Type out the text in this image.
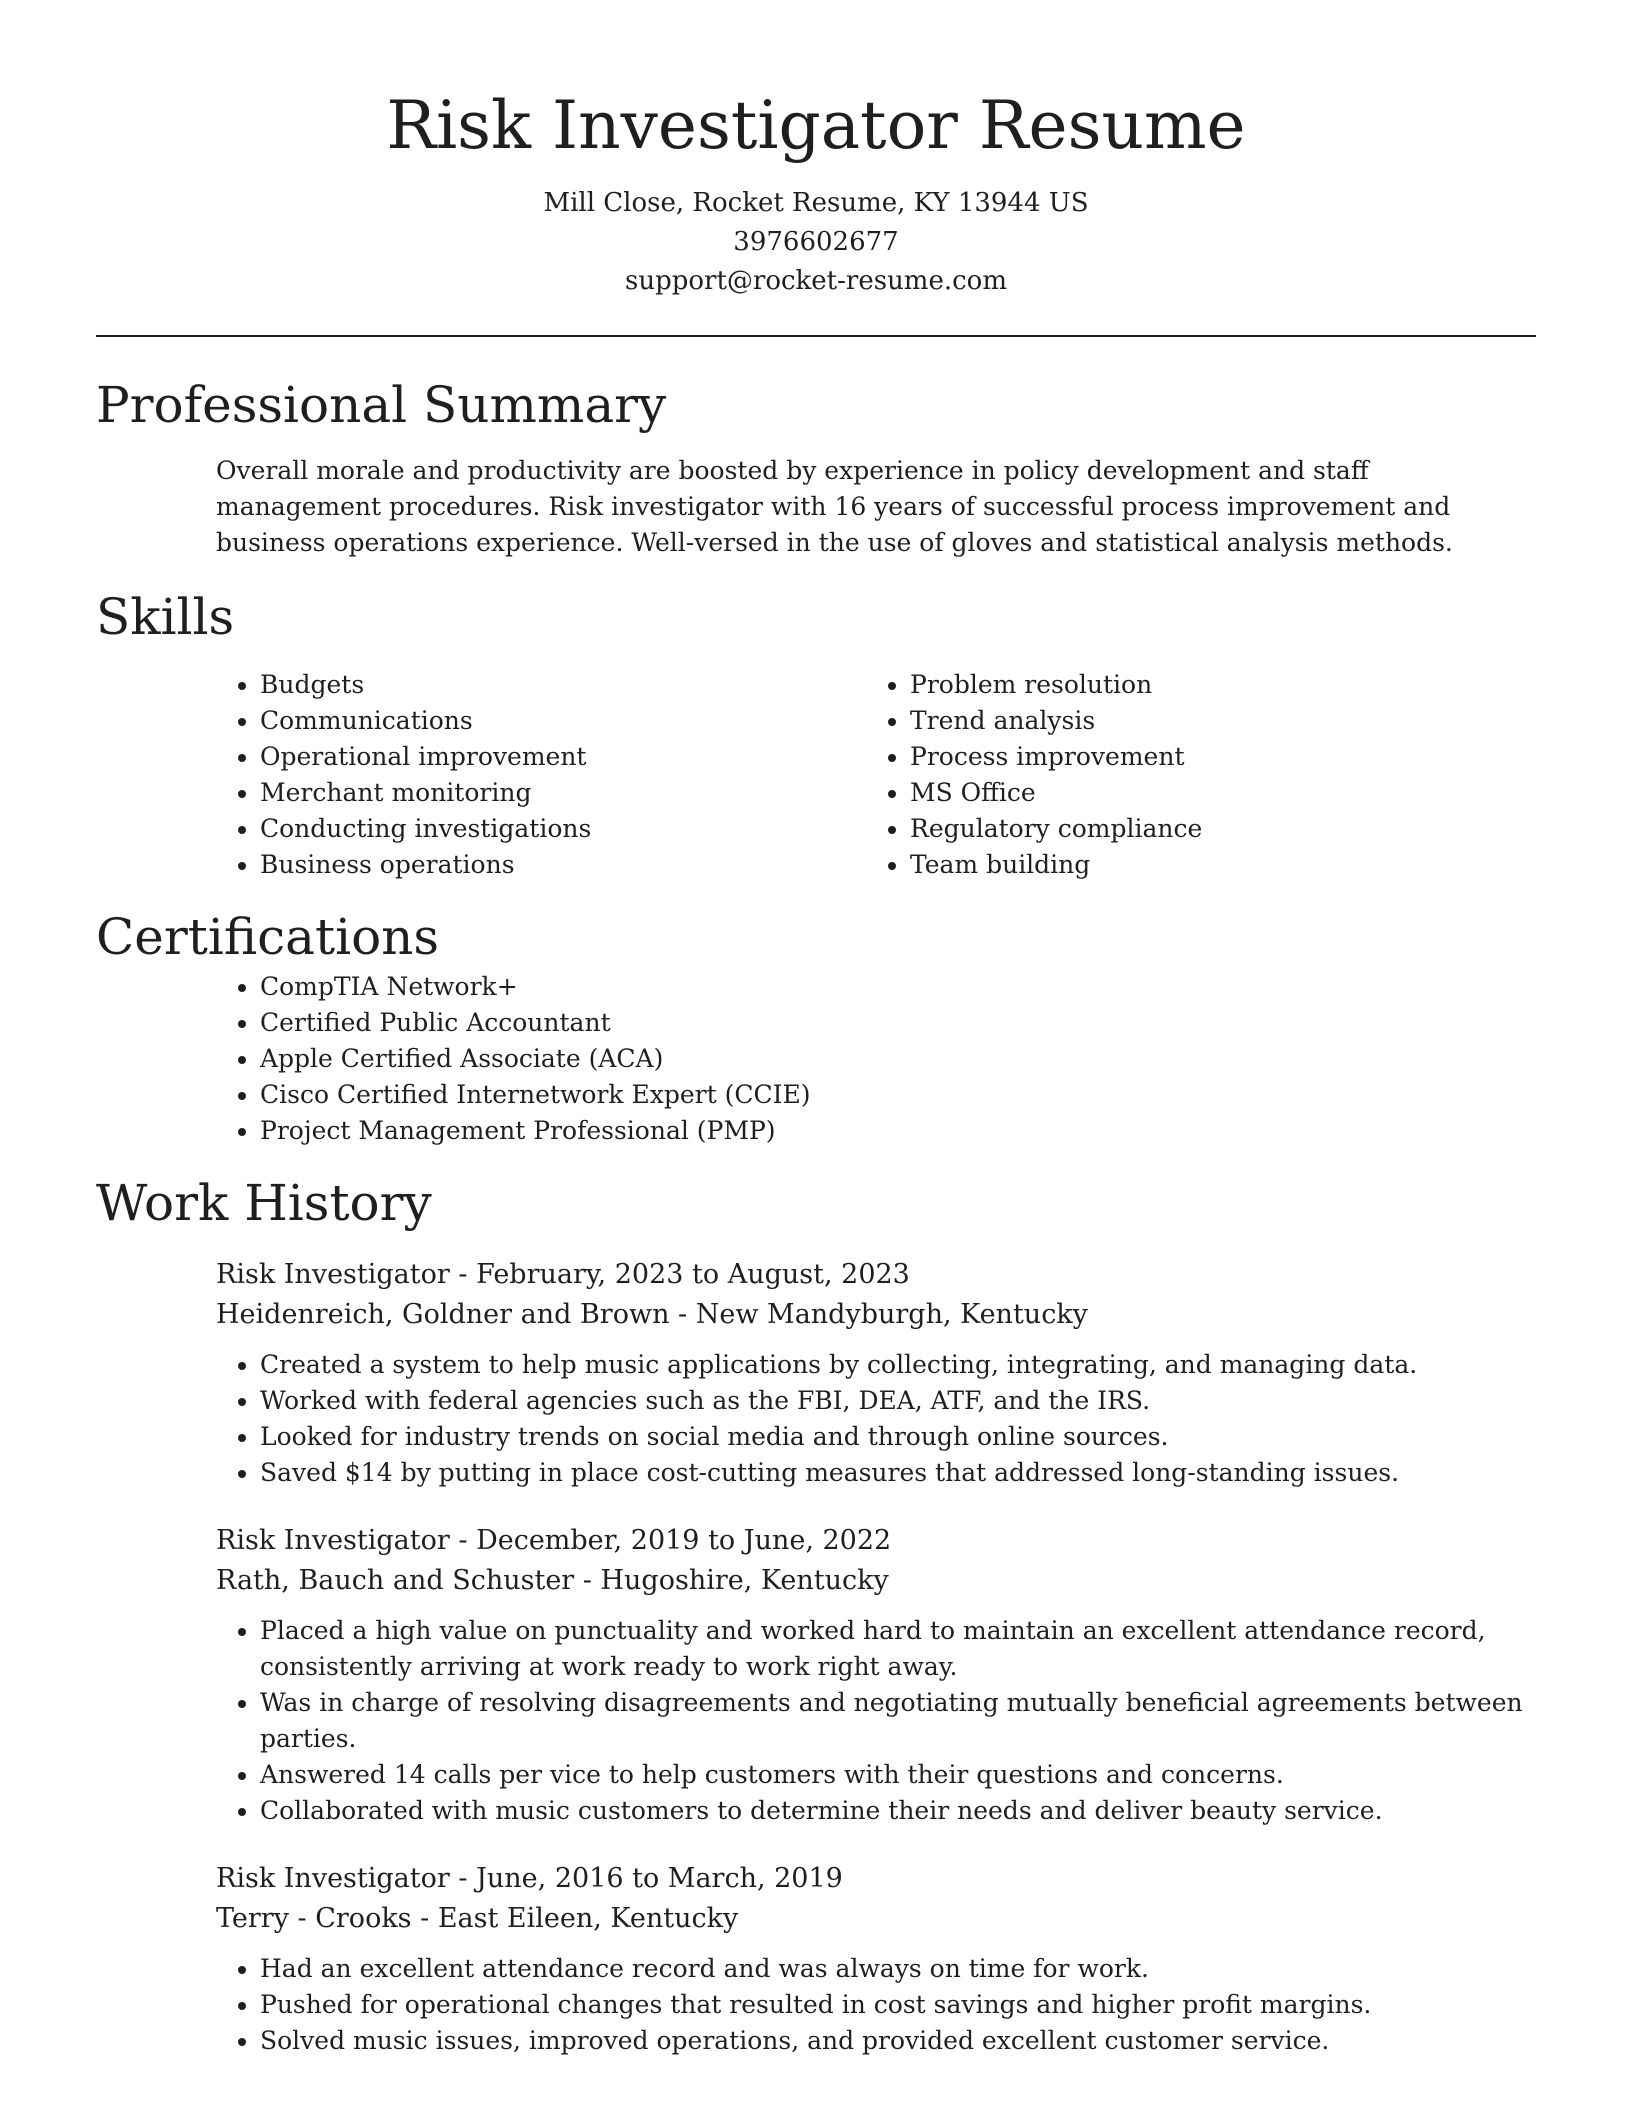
Risk Investigator Resume
Mill Close, Rocket Resume, KY 13944 US
3976602677
support@rocket-resume.com
Professional Summary

Overall morale and productivity are boosted by experience in policy development and staff management procedures. Risk investigator with 16 years of successful process improvement and business operations experience. Well-versed in the use of gloves and statistical analysis methods.

Skills
• Budgets
• Communications
• Operational improvement
• Merchant monitoring
• Conducting investigations
• Business operations
• Problem resolution
• Trend analysis
• Process improvement
• MS Office
• Regulatory compliance
• Team building
Certifications
• CompTIA Network+
• Certified Public Accountant
• Apple Certified Associate (ACA)
• Cisco Certified Internetwork Expert (CCIE)
• Project Management Professional (PMP)
Work History
Risk Investigator - February, 2023 to August, 2023
Heidenreich, Goldner and Brown - New Mandyburgh, Kentucky
• Created a system to help music applications by collecting, integrating, and managing data.
• Worked with federal agencies such as the FBI, DEA, ATF, and the IRS.
• Looked for industry trends on social media and through online sources.
• Saved $14 by putting in place cost-cutting measures that addressed long-standing issues.
Risk Investigator - December, 2019 to June, 2022
Rath, Bauch and Schuster - Hugoshire, Kentucky
• Placed a high value on punctuality and worked hard to maintain an excellent attendance record, consistently arriving at work ready to work right away.
• Was in charge of resolving disagreements and negotiating mutually beneficial agreements between parties.
• Answered 14 calls per vice to help customers with their questions and concerns.
• Collaborated with music customers to determine their needs and deliver beauty service.
Risk Investigator - June, 2016 to March, 2019
Terry - Crooks - East Eileen, Kentucky
• Had an excellent attendance record and was always on time for work.
• Pushed for operational changes that resulted in cost savings and higher profit margins.
• Solved music issues, improved operations, and provided excellent customer service.
